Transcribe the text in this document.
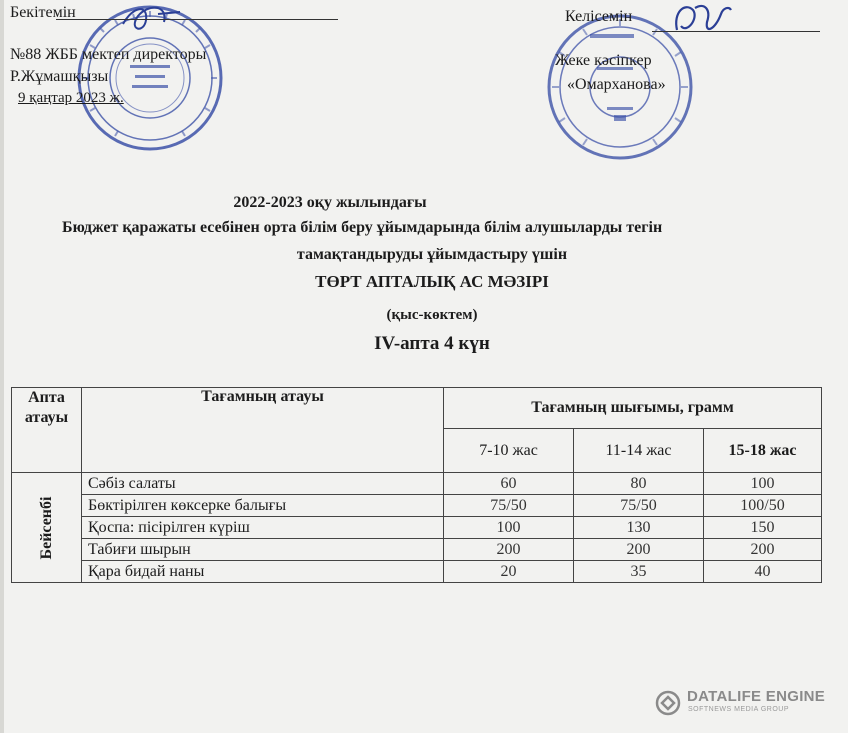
Бекітемін
№88 ЖББ мектеп директоры
Р.Жұмашқызы
9 қаңтар 2023 ж.
Келісемін
Жеке кәсіпкер
«Омарханова»
2022-2023 оқу жылындағы
Бюджет қаражаты есебінен орта білім беру ұйымдарында білім алушыларды тегін
тамақтандыруды ұйымдастыру үшін
ТӨРТ АПТАЛЫҚ АС МӘЗІРІ
(қыс-көктем)
IV-апта 4 күн
Апта атауы	Тағамның атауы	Тағамның шығымы, грамм		
		7-10 жас	11-14 жас	15-18 жас

Бейсенбі	Сәбіз салаты	60	80	100
	Бөктірілген көксерке балығы	75/50	75/50	100/50
	Қоспа: пісірілген күріш	100	130	150
	Табиғи шырын	200	200	200
	Қара бидай наны	20	35	40
DATALIFE ENGINE
SOFTNEWS MEDIA GROUP
